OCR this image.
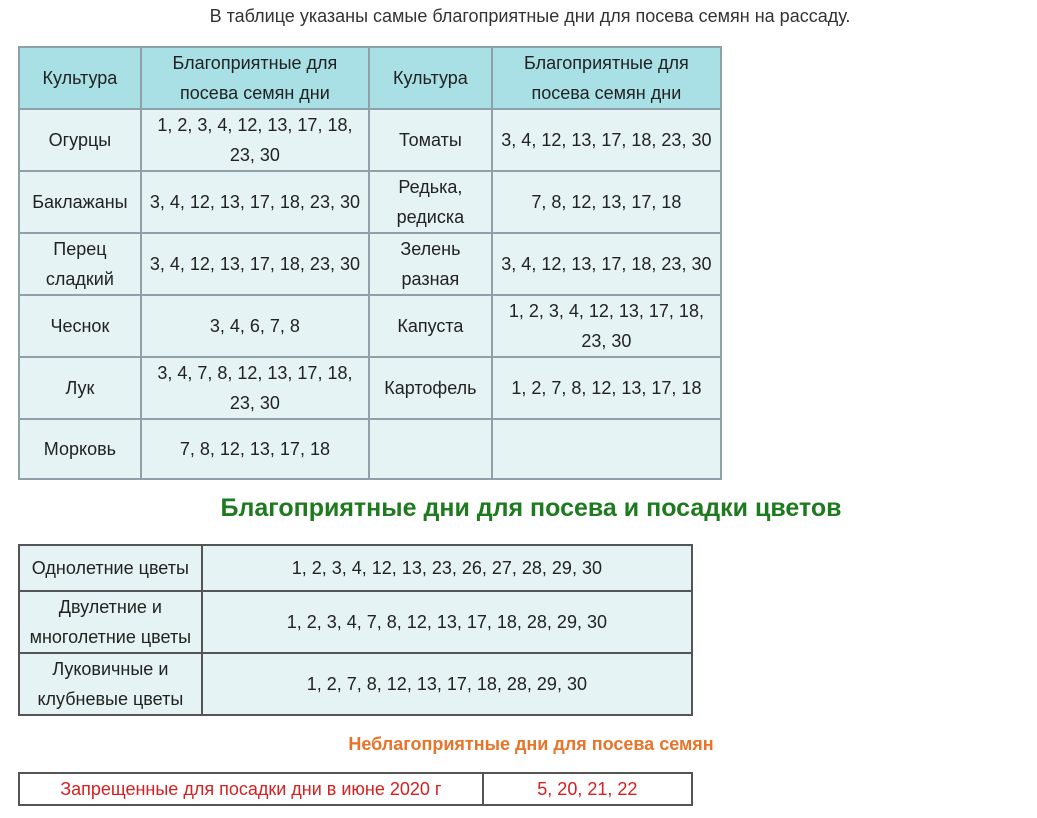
В таблице указаны самые благоприятные дни для посева семян на рассаду.
Культура	Благоприятные для посева семян дни	Культура	Благоприятные для посева семян дни
Огурцы	1, 2, 3, 4, 12, 13, 17, 18, 23, 30	Томаты	3, 4, 12, 13, 17, 18, 23, 30
Баклажаны	3, 4, 12, 13, 17, 18, 23, 30	Редька, редиска	7, 8, 12, 13, 17, 18
Перец сладкий	3, 4, 12, 13, 17, 18, 23, 30	Зелень разная	3, 4, 12, 13, 17, 18, 23, 30
Чеснок	3, 4, 6, 7, 8	Капуста	1, 2, 3, 4, 12, 13, 17, 18, 23, 30
Лук	3, 4, 7, 8, 12, 13, 17, 18, 23, 30	Картофель	1, 2, 7, 8, 12, 13, 17, 18
Морковь	7, 8, 12, 13, 17, 18		
Благоприятные дни для посева и посадки цветов
Однолетние цветы	1, 2, 3, 4, 12, 13, 23, 26, 27, 28, 29, 30
Двулетние и многолетние цветы	1, 2, 3, 4, 7, 8, 12, 13, 17, 18, 28, 29, 30
Луковичные и клубневые цветы	1, 2, 7, 8, 12, 13, 17, 18, 28, 29, 30
Неблагоприятные дни для посева семян
Запрещенные для посадки дни в июне 2020 г	5, 20, 21, 22
